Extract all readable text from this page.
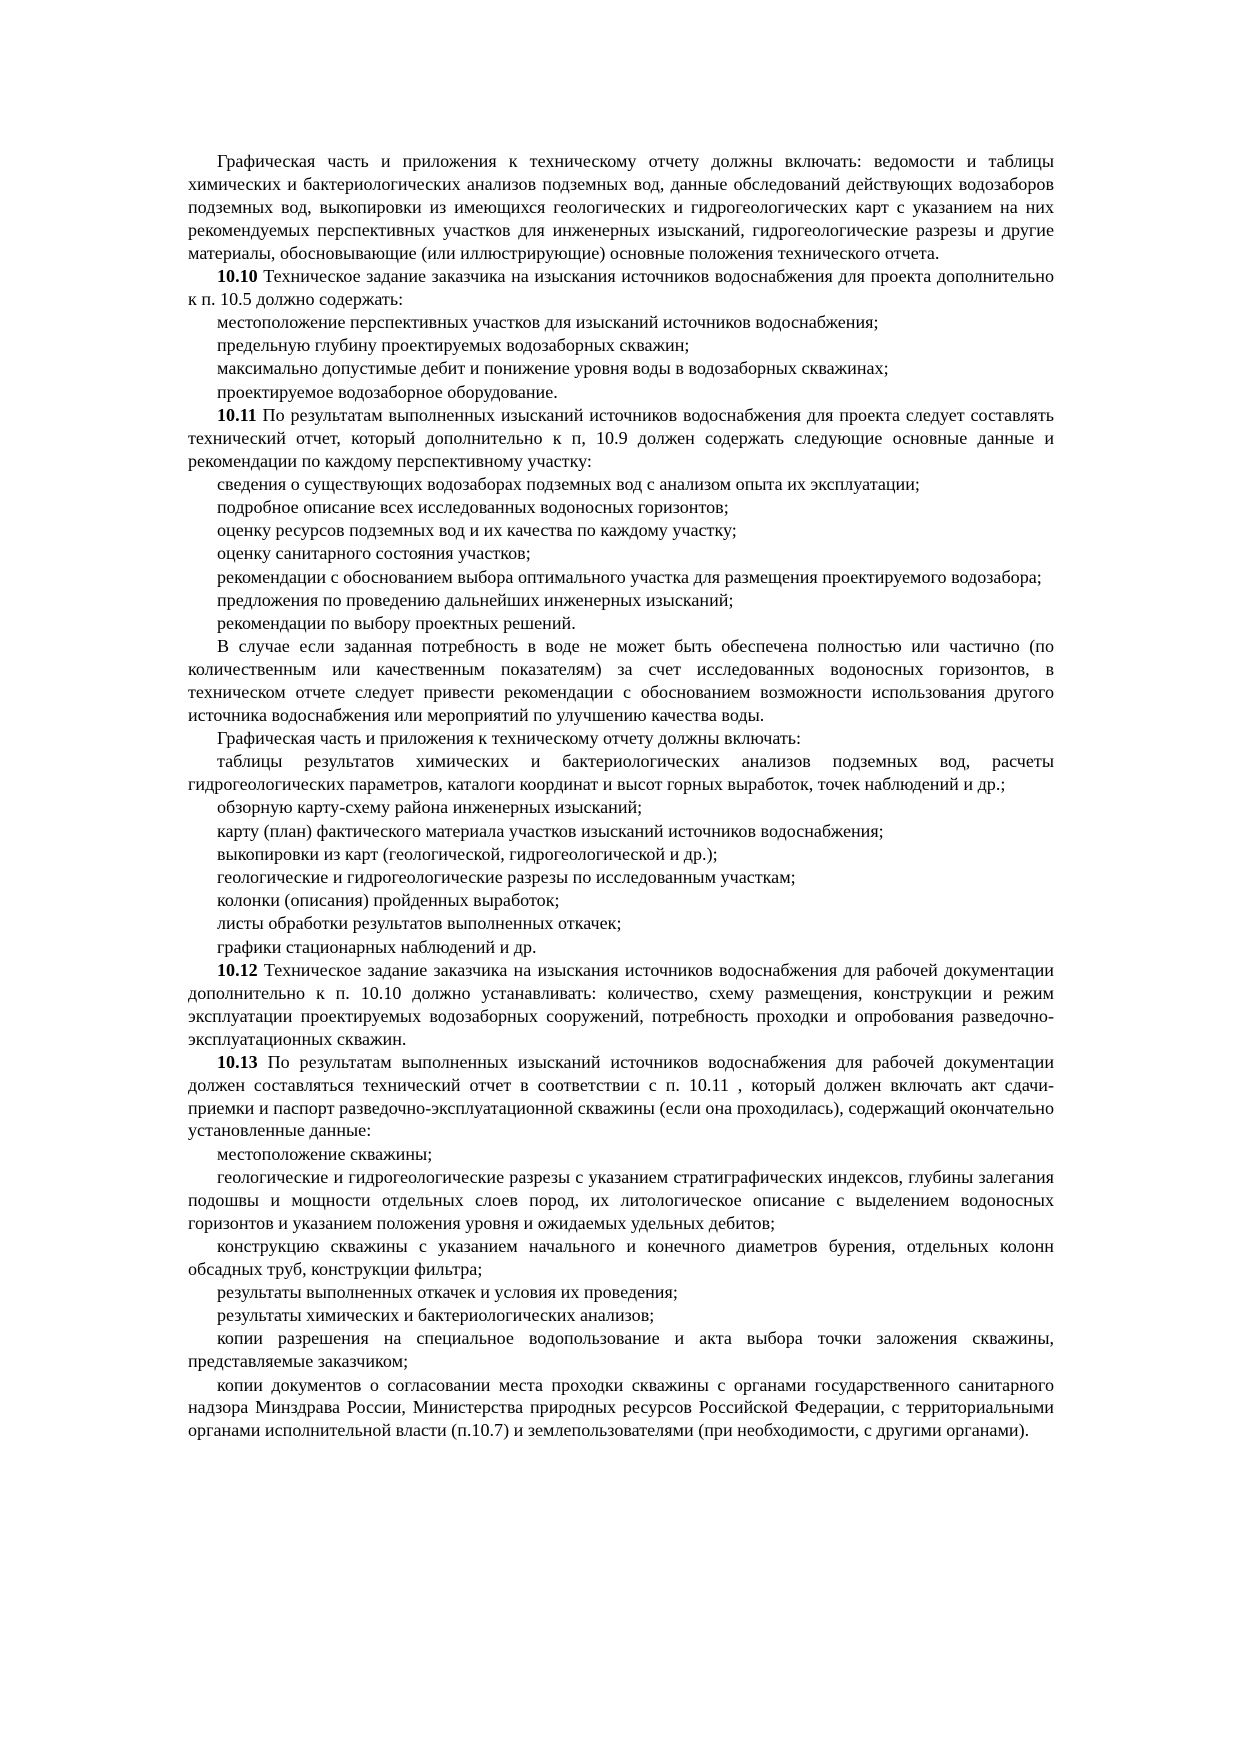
Графическая часть и приложения к техническому отчету должны включать: ведомости и таблицы химических и бактериологических анализов подземных вод, данные обследований действующих водозаборов подземных вод, выкопировки из имеющихся геологических и гидрогеологических карт с указанием на них рекомендуемых перспективных участков для инженерных изысканий, гидрогеологические разрезы и другие материалы, обосновывающие (или иллюстрирующие) основные положения технического отчета.

10.10 Техническое задание заказчика на изыскания источников водоснабжения для проекта дополнительно к п. 10.5 должно содержать:

местоположение перспективных участков для изысканий источников водоснабжения;

предельную глубину проектируемых водозаборных скважин;

максимально допустимые дебит и понижение уровня воды в водозаборных скважинах;

проектируемое водозаборное оборудование.

10.11 По результатам выполненных изысканий источников водоснабжения для проекта следует составлять технический отчет, который дополнительно к п, 10.9 должен содержать следующие основные данные и рекомендации по каждому перспективному участку:

сведения о существующих водозаборах подземных вод с анализом опыта их эксплуатации;

подробное описание всех исследованных водоносных горизонтов;

оценку ресурсов подземных вод и их качества по каждому участку;

оценку санитарного состояния участков;

рекомендации с обоснованием выбора оптимального участка для размещения проектируемого водозабора;

предложения по проведению дальнейших инженерных изысканий;

рекомендации по выбору проектных решений.

В случае если заданная потребность в воде не может быть обеспечена полностью или частично (по количественным или качественным показателям) за счет исследованных водоносных горизонтов, в техническом отчете следует привести рекомендации с обоснованием возможности использования другого источника водоснабжения или мероприятий по улучшению качества воды.

Графическая часть и приложения к техническому отчету должны включать:

таблицы результатов химических и бактериологических анализов подземных вод, расчеты гидрогеологических параметров, каталоги координат и высот горных выработок, точек наблюдений и др.;

обзорную карту-схему района инженерных изысканий;

карту (план) фактического материала участков изысканий источников водоснабжения;

выкопировки из карт (геологической, гидрогеологической и др.);

геологические и гидрогеологические разрезы по исследованным участкам;

колонки (описания) пройденных выработок;

листы обработки результатов выполненных откачек;

графики стационарных наблюдений и др.

10.12 Техническое задание заказчика на изыскания источников водоснабжения для рабочей документации дополнительно к п. 10.10 должно устанавливать: количество, схему размещения, конструкции и режим эксплуатации проектируемых водозаборных сооружений, потребность проходки и опробования разведочно-эксплуатационных скважин.

10.13 По результатам выполненных изысканий источников водоснабжения для рабочей документации должен составляться технический отчет в соответствии с п. 10.11 , который должен включать акт сдачи-приемки и паспорт разведочно-эксплуатационной скважины (если она проходилась), содержащий окончательно установленные данные:

местоположение скважины;

геологические и гидрогеологические разрезы с указанием стратиграфических индексов, глубины залегания подошвы и мощности отдельных слоев пород, их литологическое описание с выделением водоносных горизонтов и указанием положения уровня и ожидаемых удельных дебитов;

конструкцию скважины с указанием начального и конечного диаметров бурения, отдельных колонн обсадных труб, конструкции фильтра;

результаты выполненных откачек и условия их проведения;

результаты химических и бактериологических анализов;

копии разрешения на специальное водопользование и акта выбора точки заложения скважины, представляемые заказчиком;

копии документов о согласовании места проходки скважины с органами государственного санитарного надзора Минздрава России, Министерства природных ресурсов Российской Федерации, с территориальными органами исполнительной власти (п.10.7) и землепользователями (при необходимости, с другими органами).
